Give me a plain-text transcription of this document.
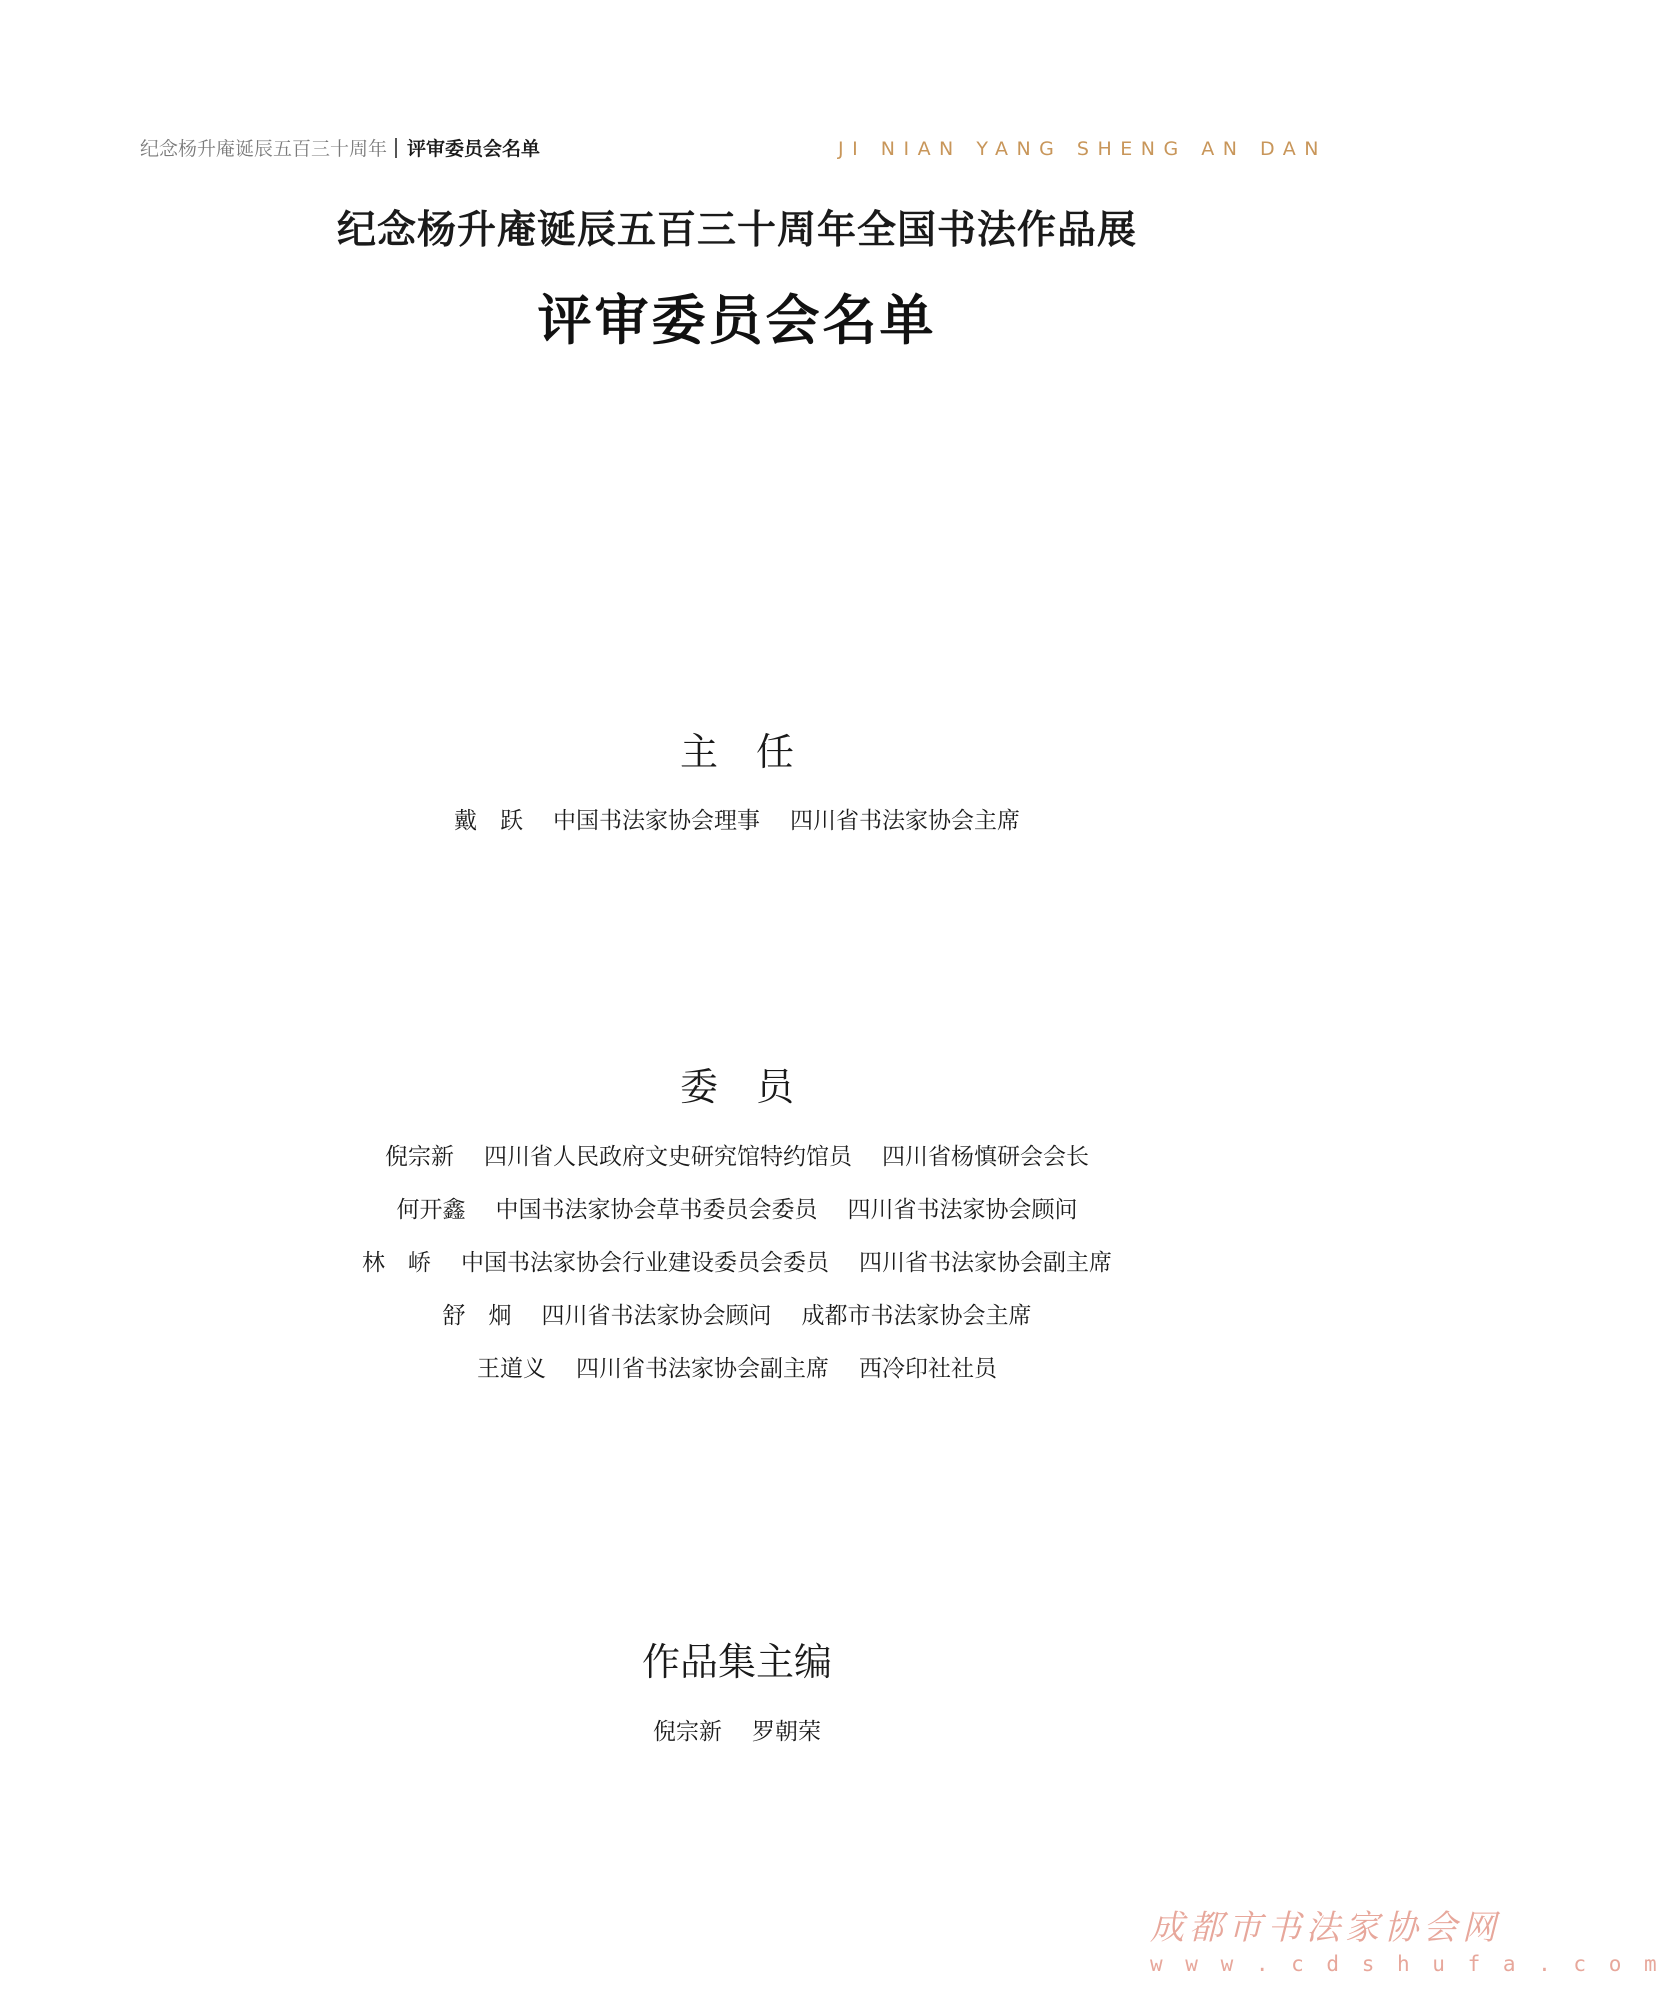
纪念杨升庵诞辰五百三十周年 评审委员会名单	JI NIAN YANG SHENG AN DAN
纪念杨升庵诞辰五百三十周年全国书法作品展
评审委员会名单
主　任
戴　跃 中国书法家协会理事 四川省书法家协会主席
委　员
倪宗新 四川省人民政府文史研究馆特约馆员 四川省杨慎研会会长
何开鑫 中国书法家协会草书委员会委员 四川省书法家协会顾问
林　峤 中国书法家协会行业建设委员会委员 四川省书法家协会副主席
舒　炯 四川省书法家协会顾问 成都市书法家协会主席
王道义 四川省书法家协会副主席 西冷印社社员
作品集主编
倪宗新 罗朝荣
成都市书法家协会网
w w w . c d s h u f a . c o m
